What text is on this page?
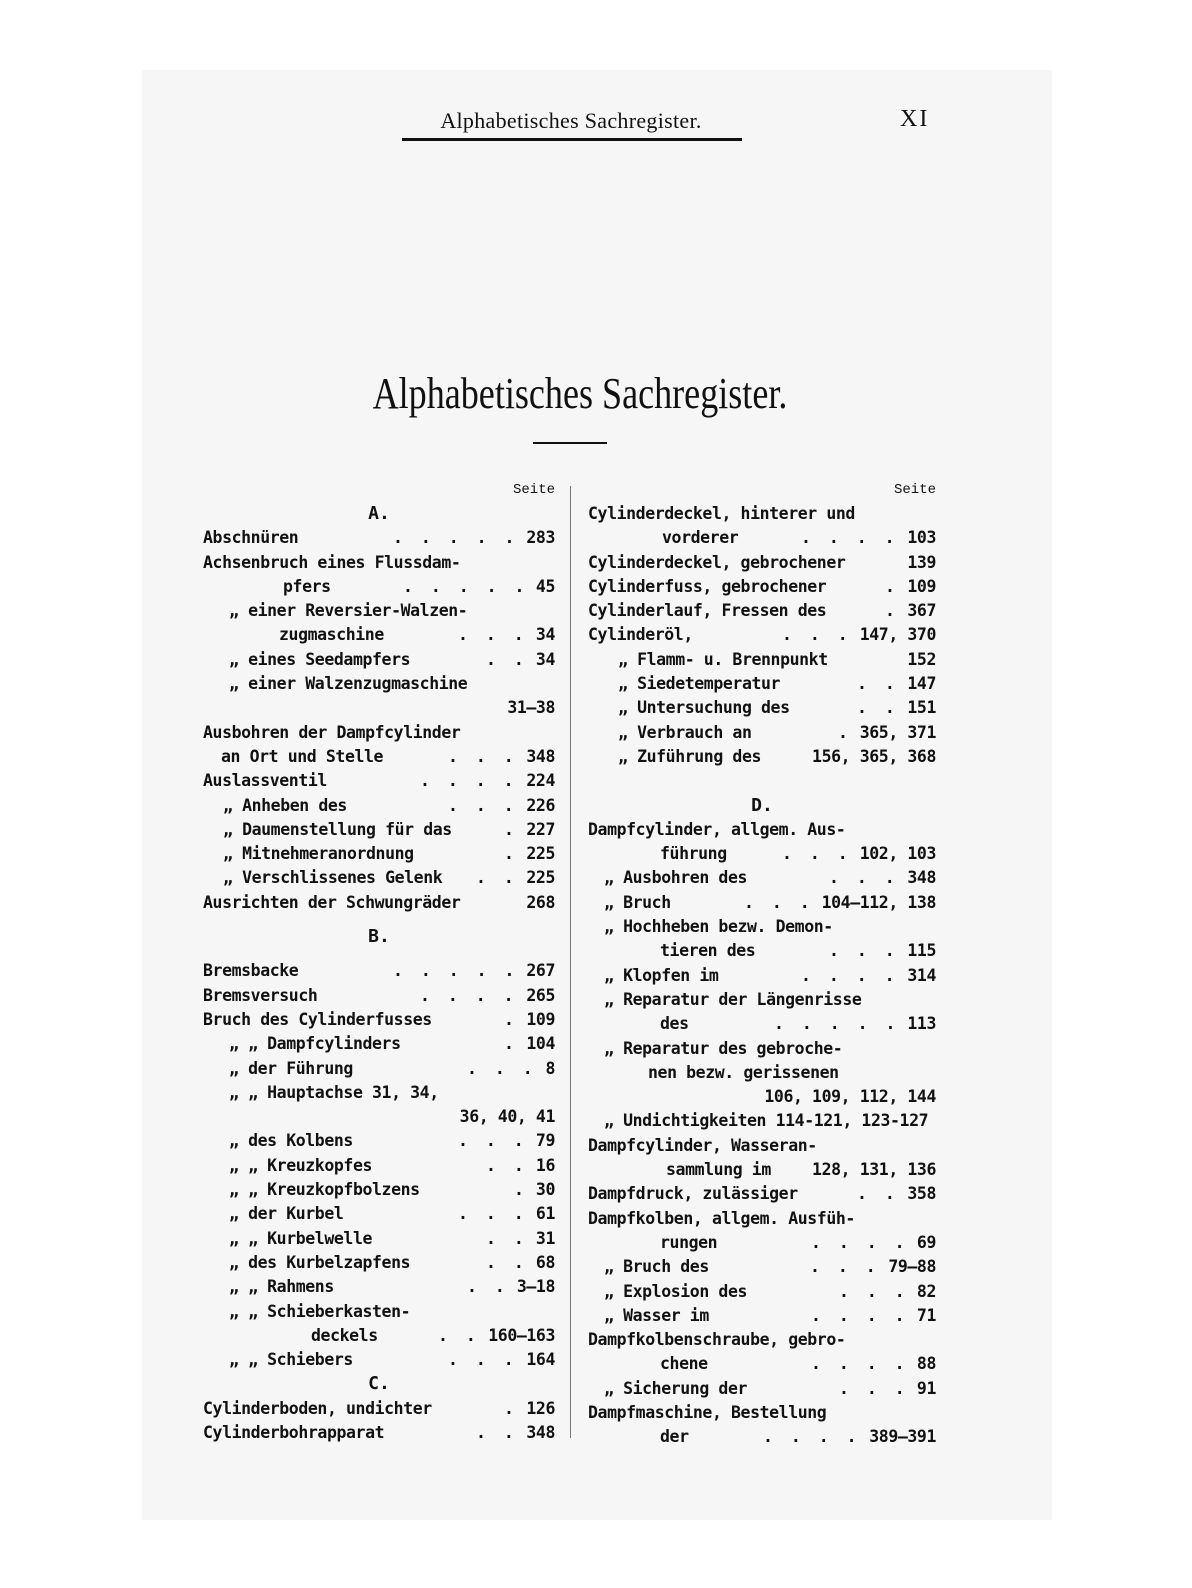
Alphabetisches Sachregister.	XI
Alphabetisches Sachregister.
Seite
A.
Abschnüren	. . . . . 283
Achsenbruch eines Flussdam-
pfers	. . . . . 45
„ einer Reversier-Walzen-
zugmaschine	. . . 34
„ eines Seedampfers	. . 34
„ einer Walzenzugmaschine
31—38
Ausbohren der Dampfcylinder
an Ort und Stelle	. . . 348
Auslassventil	. . . . 224
„ Anheben des	. . . 226
„ Daumenstellung für das	. 227
„ Mitnehmeranordnung	. 225
„ Verschlissenes Gelenk . . 225
Ausrichten der Schwungräder	268
B.
Bremsbacke	. . . . . 267
Bremsversuch	. . . . 265
Bruch des Cylinderfusses	. 109
„ „ Dampfcylinders	. 104
„ der Führung	. . . 8
„ „ Hauptachse 31, 34,
36, 40, 41
„ des Kolbens	. . . 79
„ „ Kreuzkopfes	. . 16
„ „ Kreuzkopfbolzens	. 30
„ der Kurbel	. . . 61
„ „ Kurbelwelle	. . 31
„ des Kurbelzapfens	. . 68
„ „ Rahmens	. . 3—18
„ „ Schieberkasten-
deckels	. . 160—163
„ „ Schiebers	. . . 164
C.
Cylinderboden, undichter	. 126
Cylinderbohrapparat	. . 348
Seite
Cylinderdeckel, hinterer und
vorderer	. . . . 103
Cylinderdeckel, gebrochener	139
Cylinderfuss, gebrochener	. 109
Cylinderlauf, Fressen des	. 367
Cylinderöl,	. . . 147, 370
„ Flamm- u. Brennpunkt	152
„ Siedetemperatur	. . 147
„ Untersuchung des	. . 151
„ Verbrauch an	. 365, 371
„ Zuführung des	156, 365, 368
D.
Dampfcylinder, allgem. Aus-
führung	. . . 102, 103
„ Ausbohren des	. . . 348
„ Bruch	. . . 104—112, 138
„ Hochheben bezw. Demon-
tieren des	. . . 115
„ Klopfen im	. . . . 314
„ Reparatur der Längenrisse
des	. . . . . 113
„ Reparatur des gebroche-
nen bezw. gerissenen
106, 109, 112, 144
„ Undichtigkeiten 114-121, 123-127
Dampfcylinder, Wasseran-
sammlung im 128, 131, 136
Dampfdruck, zulässiger	. . 358
Dampfkolben, allgem. Ausfüh-
rungen	. . . . 69
„ Bruch des	. . . 79—88
„ Explosion des	. . . 82
„ Wasser im	. . . . 71
Dampfkolbenschraube, gebro-
chene	. . . . 88
„ Sicherung der	. . . 91
Dampfmaschine, Bestellung
der	. . . . 389—391
